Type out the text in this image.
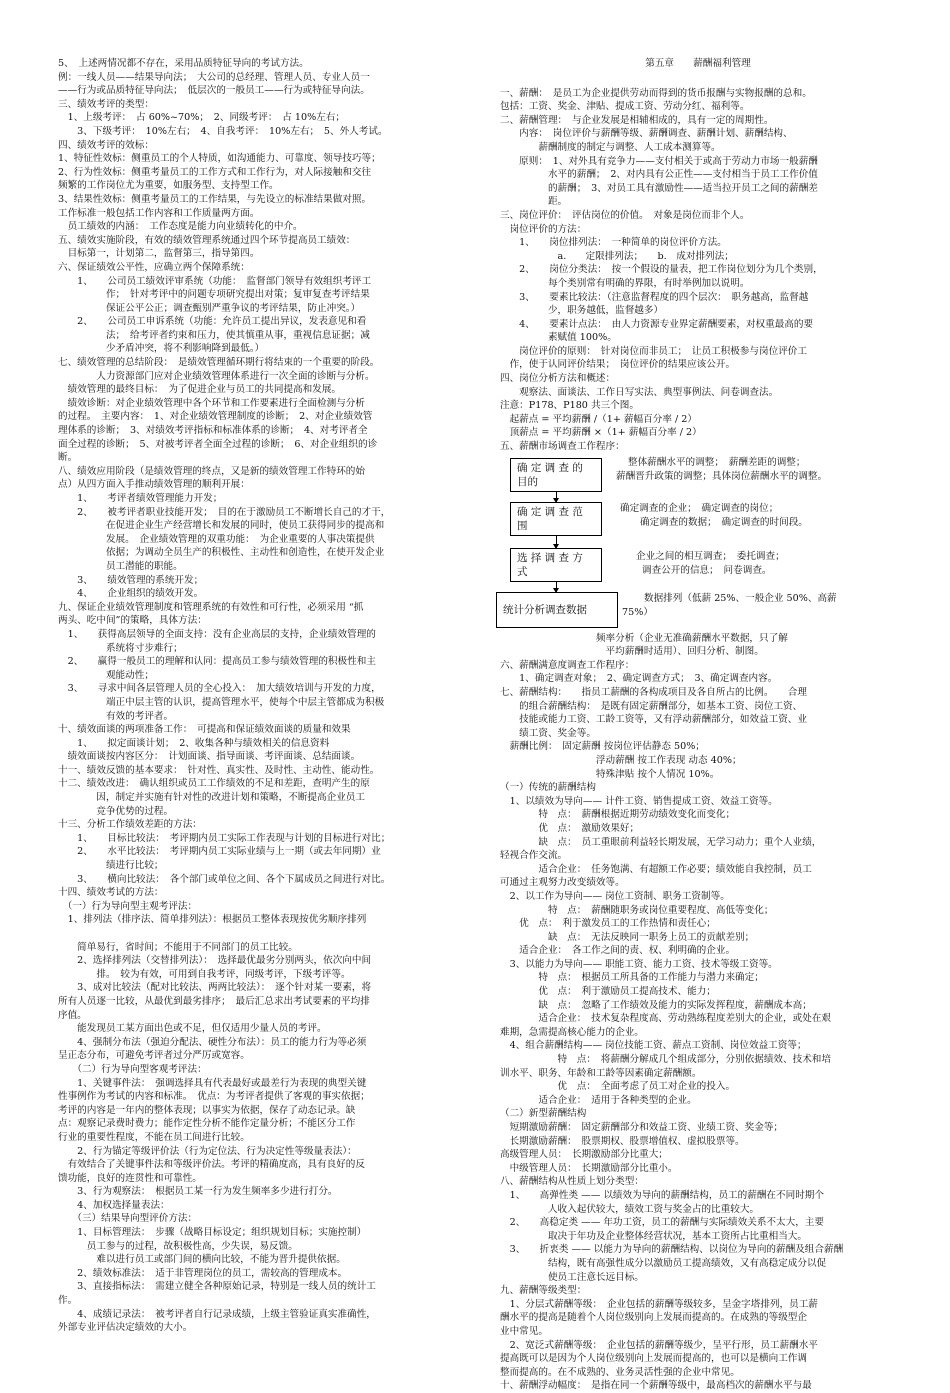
5、　上述两情况都不存在，采用品质特征导向的考试方法。
例：一线人员——结果导向法；　大公司的总经理、管理人员、专业人员一
——行为或品质特征导向法；　低层次的一般员工——行为或特征导向法。
三、绩效考评的类型：
　1、上级考评：　占 60%~70%；　2、同级考评：　占 10%左右；
　　3、下级考评：　10%左右；　4、自我考评：　10%左右；　5、外人考试。
四、绩效考评的效标：
1、特征性效标：侧重员工的个人特质，如沟通能力、可靠度、领导技巧等；
2、行为性效标：侧重考量员工的工作方式和工作行为，对人际接触和交往
频繁的工作岗位尤为重要，如服务型、支持型工作。
3、结果性效标：侧重考量员工的工作结果，与先设立的标准结果做对照。
工作标准一般包括工作内容和工作质量两方面。
　员工绩效的内涵：　工作态度是能力向业绩转化的中介。
五、绩效实施阶段，有效的绩效管理系统通过四个环节提高员工绩效：
　目标第一，计划第二，监督第三，指导第四。
六、保证绩效公平性，应确立两个保障系统：
　　1、　　公司员工绩效评审系统（功能：　监督部门领导有效组织考评工
　　　　　作；　针对考评中的问题专项研究提出对策；复审复查考评结果
　　　　　保证公平公正；调查甄别严重争议的考评结果，防止冲突。）
　　2、　　公司员工申诉系统（功能：允许员工提出异议，发表意见和看
　　　　　法；　给考评者约束和压力，使其慎重从事，重视信息证据；减
　　　　　少矛盾冲突，将不利影响降到最低。）
七、绩效管理的总结阶段：　是绩效管理循环期行将结束的一个重要的阶段。
　　　　人力资源部门应对企业绩效管理体系进行一次全面的诊断与分析。
　绩效管理的最终目标：　为了促进企业与员工的共同提高和发展。
　绩效诊断：对企业绩效管理中各个环节和工作要素进行全面检测与分析
的过程。　主要内容：　1、对企业绩效管理制度的诊断；　2、对企业绩效管
理体系的诊断；　3、对绩效考评指标和标准体系的诊断；　4、对考评者全
面全过程的诊断；　5、对被考评者全面全过程的诊断；　6、对企业组织的诊
断。
八、绩效应用阶段（是绩效管理的终点，又是新的绩效管理工作特环的始
点）从四方面入手推动绩效管理的顺利开展：
　　1、　　考评者绩效管理能力开发；
　　2、　　被考评者职业技能开发；　目的在于激励员工不断增长自己的才干，
　　　　　在促进企业生产经营增长和发展的同时，使员工获得同步的提高和
　　　　　发展。　企业绩效管理的双重功能：　为企业重要的人事决策提供
　　　　　依据；为调动全员生产的积极性、主动性和创造性，在使开发企业
　　　　　员工潜能的职能。
　　3、　　绩效管理的系统开发；
　　4、　　企业组织的绩效开发。
九、保证企业绩效管理制度和管理系统的有效性和可行性，必须采用 “抓
两头、吃中间”的策略，具体方法：
　1、　　获得高层领导的全面支持：没有企业高层的支持，企业绩效管理的
　　　　　系统将寸步难行；
　2、　　赢得一般员工的理解和认同：提高员工参与绩效管理的积极性和主
　　　　　观能动性；
　3、　　寻求中间各层管理人员的全心投入：　加大绩效培训与开发的力度，
　　　　　端正中层主管的认识，提高管理水平，使每个中层主管都成为积极
　　　　　有效的考评者。
十、绩效面谈的两项准备工作：　可提高和保证绩效面谈的质量和效果
　　1、　　拟定面谈计划；　2、收集各种与绩效相关的信息资料
　绩效面谈按内容区分：　计划面谈、指导面谈、考评面谈、总结面谈。
十一、绩效反馈的基本要求：　针对性、真实性、及时性、主动性、能动性。
十二、绩效改进：　确认组织或员工工作绩效的不足和差距，查明产生的原
　　　　因，制定并实施有针对性的改进计划和策略，不断提高企业员工
　　　　竞争优势的过程。
十三、分析工作绩效差距的方法：
　　1、　　目标比较法：　考评期内员工实际工作表现与计划的目标进行对比；
　　2、　　水平比较法：　考评期内员工实际业绩与上一期（或去年同期）业
　　　　　绩进行比较；
　　3、　　横向比较法：　各个部门或单位之间、各个下属成员之间进行对比。
十四、绩效考试的方法：
　（一）行为导向型主观考评法：
　1、排列法（排序法、简单排列法）：根据员工整体表现按优劣顺序排列

　　简单易行，省时间；不能用于不同部门的员工比较。
　　2、选择排列法（交替排列法）：　选择最优最劣分别两头，依次向中间
　　　　排。　较为有效，可用到自我考评，同级考评，下级考评等。
　　3、成对比较法（配对比较法、两两比较法）：　逐个针对某一要素，将
所有人员逐一比较，从最优到最劣排序；　最后汇总求出考试要素的平均排
序值。
　　能发现员工某方面出色或不足，但仅适用少量人员的考评。
　　4、强制分布法（强迫分配法、硬性分布法）：员工的能力行为等必须
呈正态分布，可避免考评者过分严厉或宽容。
　　（二）行为导向型客观考评法：
　　1、关键事件法：　强调选择具有代表最好或最差行为表现的典型关键
性事例作为考试的内容和标准。　优点：为考评者提供了客观的事实依据；
考评的内容是一年内的整体表现；以事实为依据，保存了动态记录。缺
点：观察记录费时费力；能作定性分析不能作定量分析；不能区分工作
行业的重要性程度，不能在员工间进行比较。
　　2、行为锚定等级评价法（行为定位法、行为决定性等级量表法）：
　有效结合了关键事件法和等级评价法。考评的精确度高，具有良好的反
馈功能，良好的连贯性和可靠性。
　　3、行为观察法：　根据员工某一行为发生频率多少进行打分。
　　4、加权选择量表法：
　　（三）结果导向型评价方法：
　　1、目标管理法：　步骤（战略目标设定；组织规划目标；实施控制）
　　　员工参与的过程，故积极性高，少失误，易反馈。
　　　　难以进行员工或部门间的横向比较，不能为晋升提供依据。
　　2、绩效标准法：　适于非管理岗位的员工，需较高的管理成本。
　　3、直接指标法：　需建立健全各种原始记录，特别是一线人员的统计工
作。
　　4、成绩记录法：　被考评者自行记录成绩，上级主管验证真实准确性，
外部专业评估决定绩效的大小。
第五章　　薪酬福利管理
一、薪酬：　是员工为企业提供劳动而得到的货币报酬与实物报酬的总和。
包括：工资、奖金、津贴、提成工资、劳动分红、福利等。
二、薪酬管理：　与企业发展是相辅相成的，具有一定的周期性。
　　内容：　岗位评价与薪酬等级、薪酬调查、薪酬计划、薪酬结构、
　　　　薪酬制度的制定与调整、人工成本测算等。
　　原则：　1、对外具有竞争力——支付相关于或高于劳动力市场一般薪酬
　　　　　水平的薪酬；　2、对内具有公正性——支付相当于员工工作价值
　　　　　的薪酬；　3、对员工具有激励性——适当拉开员工之间的薪酬差
　　　　　距。
三、岗位评价：　评估岗位的价值。　对象是岗位而非个人。
　岗位评价的方法：
　　1、　　岗位排列法：　一种简单的岗位评价方法。
　　　　　　a.　　定限排列法；　　b.　成对排列法；
　　2、　　岗位分类法：　按一个假设的量表，把工作岗位划分为几个类别，
　　　　　每个类别常有明确的界限，有时举例加以说明。
　　3、　　要素比较法：（注意监督程度的四个层次：　职务越高，监督越
　　　　　少，职务越低，监督越多）
　　4、　　要素计点法：　由人力资源专业界定薪酬要素，对权重最高的要
　　　　　素赋值 100%。
　　岗位评价的原则：　针对岗位而非员工；　让员工积极参与岗位评价工
　作，使于认同评价结果；　岗位评价的结果应该公开。
四、岗位分析方法和概述：
　　观察法、面谈法、工作日写实法、典型事例法、问卷调查法。
注意：P178、P180 共三个图。
　起薪点 = 平均薪酬 /（1+ 薪幅百分率 / 2）
　顶薪点 = 平均薪酬 ×（1+ 薪幅百分率 / 2）
五、薪酬市场调查工作程序：
确 定 调 查 的 目的
确 定 调 查 范 围
选 择 调 查 方 式
统计分析调查数据
整体薪酬水平的调整；　薪酬差距的调整；
薪酬晋升政策的调整；具体岗位薪酬水平的调整。
确定调查的企业；　确定调查的岗位；
确定调查的数据；　确定调查的时间段。
企业之间的相互调查；　委托调查；
调查公开的信息；　问卷调查。
数据排列（低薪 25%、一般企业 50%、高薪
75%）
　　　　　　　　　　频率分析（企业无准确薪酬水平数据，只了解
　　　　　　　　　　　平均薪酬时适用）、回归分析、制图。
六、薪酬满意度调查工作程序：
　　1、确定调查对象；　2、确定调查方式；　3、确定调查内容。
七、薪酬结构：　　指员工薪酬的各构成项目及各自所占的比例。　　合理
　　的组合薪酬结构：　是既有固定薪酬部分，如基本工资、岗位工资、
　　技能或能力工资、工龄工资等，又有浮动薪酬部分，如效益工资、业
　　绩工资、奖金等。
　薪酬比例：　固定薪酬 按岗位评估静态 50%；
　　　　　　　　　　浮动薪酬 按工作表现 动态 40%；
　　　　　　　　　　特殊津贴 按个人情况 10%。
（一）传统的薪酬结构
　1、以绩效为导向—— 计件工资、销售提成工资、效益工资等。
　　　　特　点：　薪酬根据近期劳动绩效变化而变化；
　　　　优　点：　激励效果好；
　　　　缺　点：　员工重眼前利益轻长期发展，无学习动力；重个人业绩，
轻视合作交流。
　　　　适合企业：　任务饱满、有超额工作必要；绩效能自我控制，员工
可通过主观努力改变绩效等。
　2、以工作为导向—— 岗位工资制、职务工资制等。
　　　　　特　点：　薪酬随职务或岗位重要程度、高低等变化；
　　优　点：　利于激发员工的工作热情和责任心；
　　　　　缺　点：　无法反映同一职务上员工的贡献差别；
　　适合企业：　各工作之间的责、权、利明确的企业。
　3、以能力为导向—— 职能工资、能力工资、技术等级工资等。
　　　　特　点：　根据员工所具备的工作能力与潜力来确定；
　　　　优　点：　利于激励员工提高技术、能力；
　　　　缺　点：　忽略了工作绩效及能力的实际发挥程度，薪酬成本高；
　　　　适合企业：　技术复杂程度高、劳动熟练程度差别大的企业，或处在艰
难期，急需提高核心能力的企业。
　4、组合薪酬结构—— 岗位技能工资、薪点工资制、岗位效益工资等；
　　　　　　特　点：　将薪酬分解成几个组成部分，分别依据绩效、技术和培
训水平、职务、年龄和工龄等因素确定薪酬额。
　　　　　　优　点：　全面考虑了员工对企业的投入。
　　　　适合企业：　适用于各种类型的企业。
（二）新型薪酬结构
　短期激励薪酬：　固定薪酬部分和效益工资、业绩工资、奖金等；
　长期激励薪酬：　股票期权、股票增值权、虚拟股票等。
高级管理人员：　长期激励部分比重大；
　中级管理人员：　长期激励部分比重小。
八、薪酬结构从性质上划分类型：
　1、　　高弹性类 —— 以绩效为导向的薪酬结构，员工的薪酬在不同时期个
　　　　　人收入起伏较大，绩效工资与奖金占的比重较大。
　2、　　高稳定类 —— 年功工资，员工的薪酬与实际绩效关系不太大，主要
　　　　　取决于年功及企业整体经营状况，基本工资所占比重相当大。
　3、　　折衷类 —— 以能力为导向的薪酬结构、以岗位为导向的薪酬及组合薪酬
　　　　　结构，既有高强性成分以激励员工提高绩效，又有高稳定成分以促
　　　　　使员工注意长远目标。
九、薪酬等级类型：
　1、分层式薪酬等级：　企业包括的薪酬等级较多，呈金字塔排列，员工薪
酬水平的提高是随着个人岗位级别向上发展而提高的。在成熟的等级型企
业中常见。
　2、宽泛式薪酬等级：　企业包括的薪酬等级少，呈平行形，员工薪酬水平
提高既可以是因为个人岗位级别向上发展而提高的，也可以是横向工作调
整而提高的。在不成熟的、业务灵活性强的企业中常见。
十、薪酬浮动幅度：　是指在同一个薪酬等级中，最高档次的薪酬水平与最
